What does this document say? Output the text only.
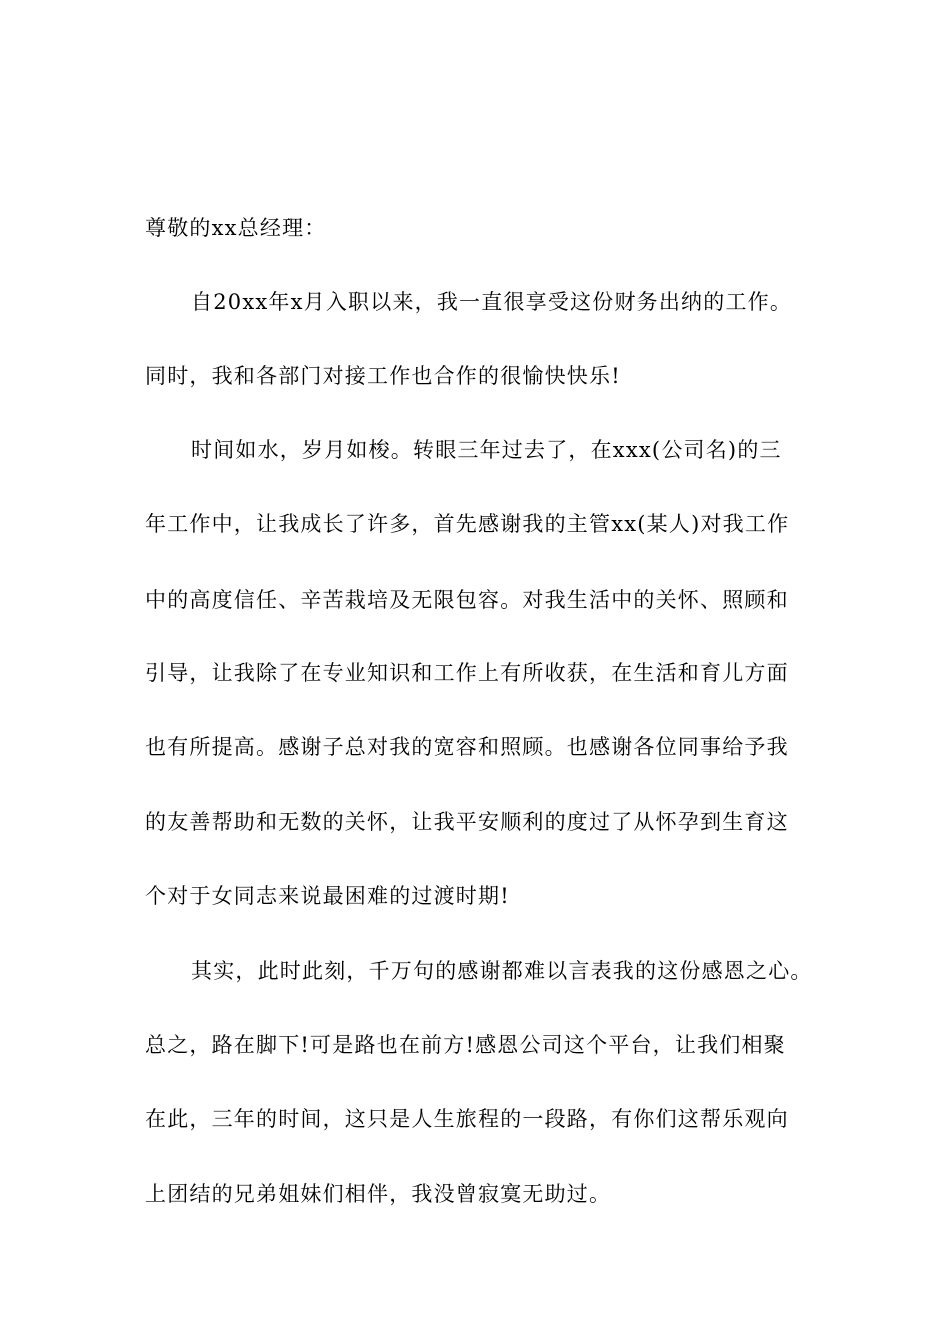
尊敬的xx总经理：
自20xx年x月入职以来，我一直很享受这份财务出纳的工作。
同时，我和各部门对接工作也合作的很愉快快乐!
时间如水，岁月如梭。转眼三年过去了，在xxx(公司名)的三
年工作中，让我成长了许多，首先感谢我的主管xx(某人)对我工作
中的高度信任、辛苦栽培及无限包容。对我生活中的关怀、照顾和
引导，让我除了在专业知识和工作上有所收获，在生活和育儿方面
也有所提高。感谢子总对我的宽容和照顾。也感谢各位同事给予我
的友善帮助和无数的关怀，让我平安顺利的度过了从怀孕到生育这
个对于女同志来说最困难的过渡时期!
其实，此时此刻，千万句的感谢都难以言表我的这份感恩之心。
总之，路在脚下!可是路也在前方!感恩公司这个平台，让我们相聚
在此，三年的时间，这只是人生旅程的一段路，有你们这帮乐观向
上团结的兄弟姐妹们相伴，我没曾寂寞无助过。
